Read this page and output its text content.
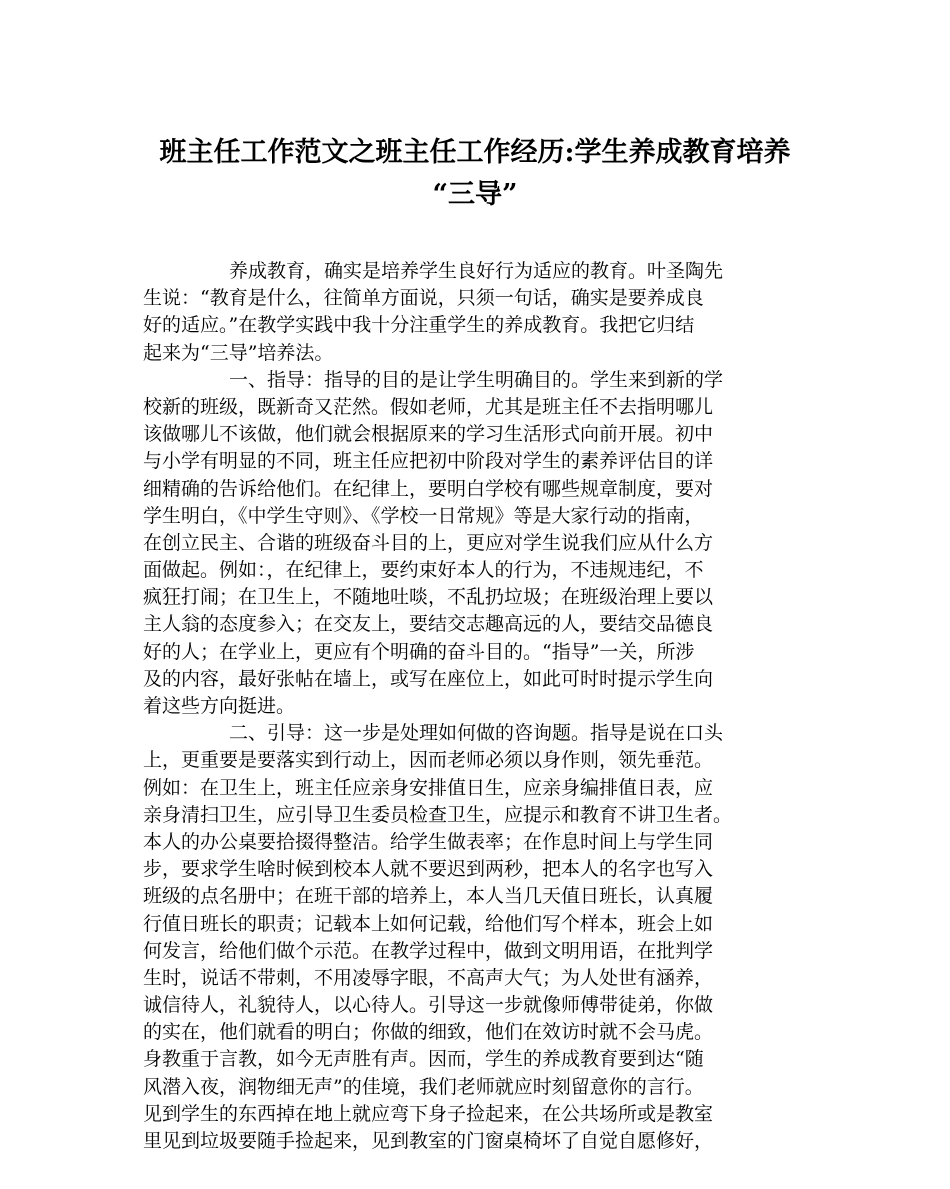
班主任工作范文之班主任工作经历:学生养成教育培养
“三导”
养成教育，确实是培养学生良好行为适应的教育。叶圣陶先
生说：“教育是什么，往简单方面说，只须一句话，确实是要养成良
好的适应。”在教学实践中我十分注重学生的养成教育。我把它归结
起来为“三导”培养法。
一、指导：指导的目的是让学生明确目的。学生来到新的学
校新的班级，既新奇又茫然。假如老师，尤其是班主任不去指明哪儿
该做哪儿不该做，他们就会根据原来的学习生活形式向前开展。初中
与小学有明显的不同，班主任应把初中阶段对学生的素养评估目的详
细精确的告诉给他们。在纪律上，要明白学校有哪些规章制度，要对
学生明白，《中学生守则》、《学校一日常规》等是大家行动的指南，
在创立民主、合谐的班级奋斗目的上，更应对学生说我们应从什么方
面做起。例如：，在纪律上，要约束好本人的行为，不违规违纪，不
疯狂打闹；在卫生上，不随地吐啖，不乱扔垃圾；在班级治理上要以
主人翁的态度参入；在交友上，要结交志趣高远的人，要结交品德良
好的人；在学业上，更应有个明确的奋斗目的。“指导”一关，所涉
及的内容，最好张帖在墙上，或写在座位上，如此可时时提示学生向
着这些方向挺进。
二、引导：这一步是处理如何做的咨询题。指导是说在口头
上，更重要是要落实到行动上，因而老师必须以身作则，领先垂范。
例如：在卫生上，班主任应亲身安排值日生，应亲身编排值日表，应
亲身清扫卫生，应引导卫生委员检查卫生，应提示和教育不讲卫生者。
本人的办公桌要拾掇得整洁。给学生做表率；在作息时间上与学生同
步，要求学生啥时候到校本人就不要迟到两秒，把本人的名字也写入
班级的点名册中；在班干部的培养上，本人当几天值日班长，认真履
行值日班长的职责；记载本上如何记载，给他们写个样本，班会上如
何发言，给他们做个示范。在教学过程中，做到文明用语，在批判学
生时，说话不带刺，不用凌辱字眼，不高声大气；为人处世有涵养，
诚信待人，礼貌待人，以心待人。引导这一步就像师傅带徒弟，你做
的实在，他们就看的明白；你做的细致，他们在效访时就不会马虎。
身教重于言教，如今无声胜有声。因而，学生的养成教育要到达“随
风潜入夜，润物细无声”的佳境，我们老师就应时刻留意你的言行。
见到学生的东西掉在地上就应弯下身子捡起来，在公共场所或是教室
里见到垃圾要随手捡起来，见到教室的门窗桌椅坏了自觉自愿修好，
